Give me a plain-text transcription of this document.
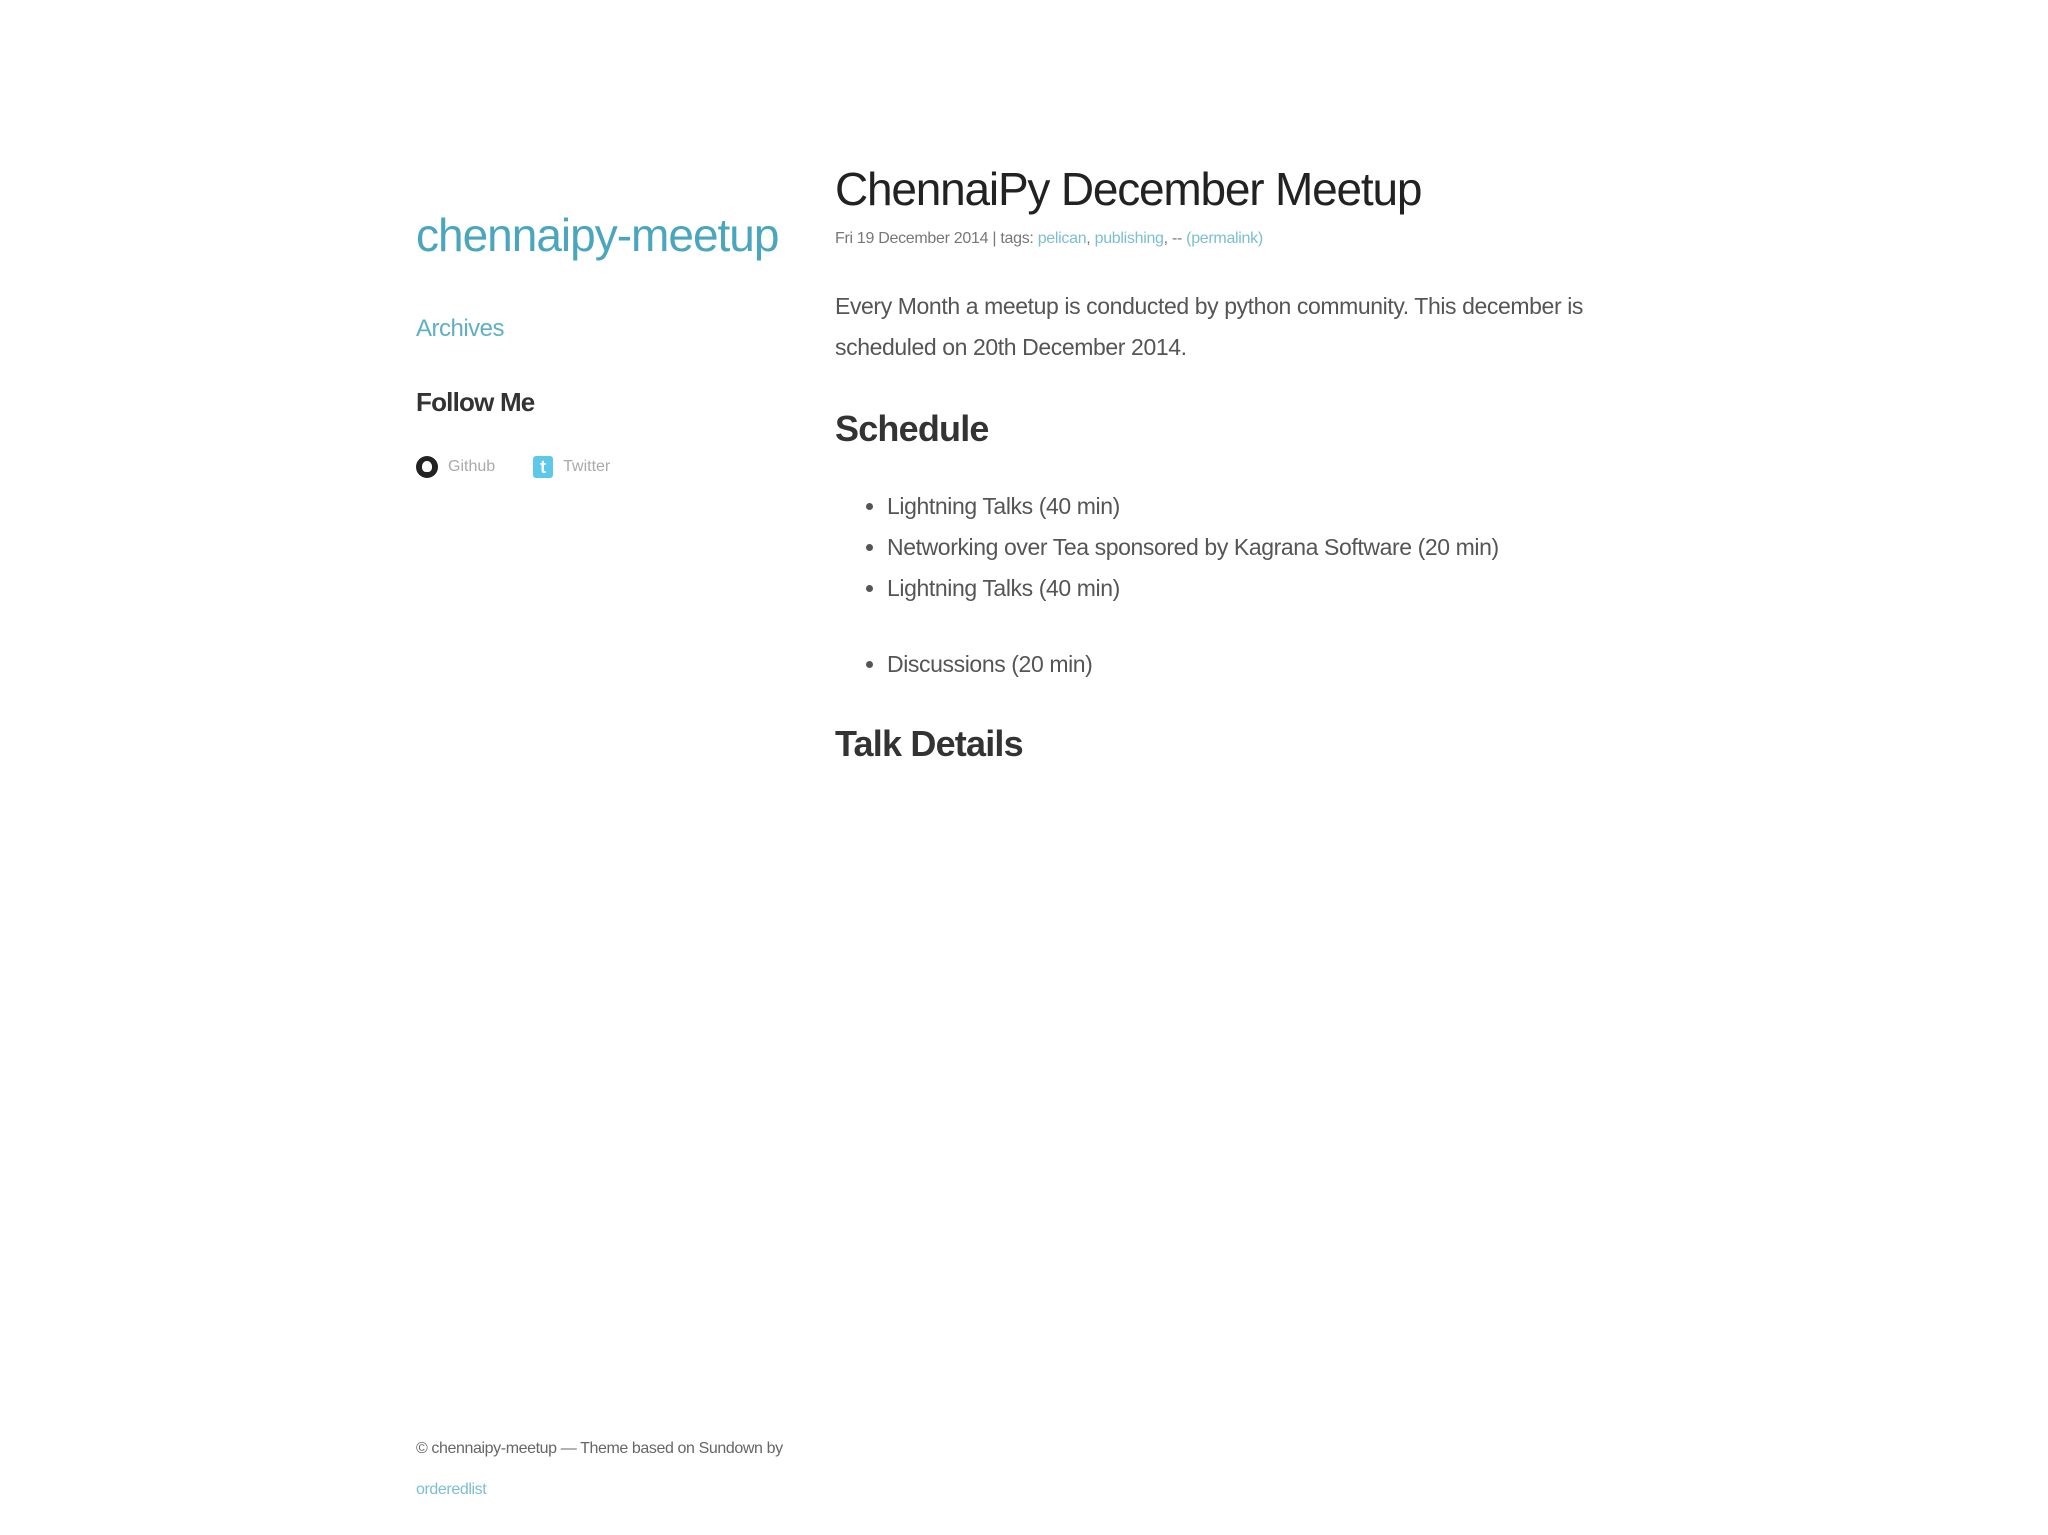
chennaipy-meetup
Archives
Follow Me
Github	t	Twitter
ChennaiPy December Meetup
Fri 19 December 2014 | tags: pelican, publishing, -- (permalink)

Every Month a meetup is conducted by python community. This december is scheduled on 20th December 2014.

Schedule
• Lightning Talks (40 min)
• Networking over Tea sponsored by Kagrana Software (20 min)
• Lightning Talks (40 min)
• Discussions (20 min)
Talk Details
© chennaipy-meetup — Theme based on Sundown by
orderedlist
